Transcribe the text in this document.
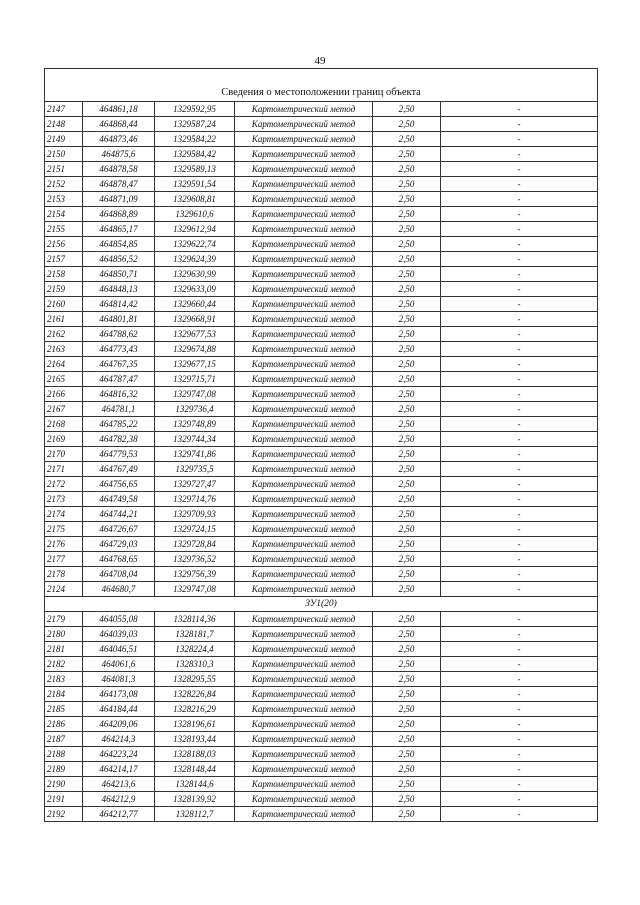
49
Сведения о местоположении границ объекта					
2147	464861,18	1329592,95	Картометрический метод	2,50	-
2148	464868,44	1329587,24	Картометрический метод	2,50	-
2149	464873,46	1329584,22	Картометрический метод	2,50	-
2150	464875,6	1329584,42	Картометрический метод	2,50	-
2151	464878,58	1329589,13	Картометрический метод	2,50	-
2152	464878,47	1329591,54	Картометрический метод	2,50	-
2153	464871,09	1329608,81	Картометрический метод	2,50	-
2154	464868,89	1329610,6	Картометрический метод	2,50	-
2155	464865,17	1329612,94	Картометрический метод	2,50	-
2156	464854,85	1329622,74	Картометрический метод	2,50	-
2157	464856,52	1329624,39	Картометрический метод	2,50	-
2158	464850,71	1329630,99	Картометрический метод	2,50	-
2159	464848,13	1329633,09	Картометрический метод	2,50	-
2160	464814,42	1329660,44	Картометрический метод	2,50	-
2161	464801,81	1329668,91	Картометрический метод	2,50	-
2162	464788,62	1329677,53	Картометрический метод	2,50	-
2163	464773,43	1329674,88	Картометрический метод	2,50	-
2164	464767,35	1329677,15	Картометрический метод	2,50	-
2165	464787,47	1329715,71	Картометрический метод	2,50	-
2166	464816,32	1329747,08	Картометрический метод	2,50	-
2167	464781,1	1329736,4	Картометрический метод	2,50	-
2168	464785,22	1329748,89	Картометрический метод	2,50	-
2169	464782,38	1329744,34	Картометрический метод	2,50	-
2170	464779,53	1329741,86	Картометрический метод	2,50	-
2171	464767,49	1329735,5	Картометрический метод	2,50	-
2172	464756,65	1329727,47	Картометрический метод	2,50	-
2173	464749,58	1329714,76	Картометрический метод	2,50	-
2174	464744,21	1329709,93	Картометрический метод	2,50	-
2175	464726,67	1329724,15	Картометрический метод	2,50	-
2176	464729,03	1329728,84	Картометрический метод	2,50	-
2177	464768,65	1329736,52	Картометрический метод	2,50	-
2178	464708,04	1329756,39	Картометрический метод	2,50	-
2124	464680,7	1329747,08	Картометрический метод	2,50	-
ЗУ1(20)					
2179	464055,08	1328114,36	Картометрический метод	2,50	-
2180	464039,03	1328181,7	Картометрический метод	2,50	-
2181	464046,51	1328224,4	Картометрический метод	2,50	-
2182	464061,6	1328310,3	Картометрический метод	2,50	-
2183	464081,3	1328295,55	Картометрический метод	2,50	-
2184	464173,08	1328226,84	Картометрический метод	2,50	-
2185	464184,44	1328216,29	Картометрический метод	2,50	-
2186	464209,06	1328196,61	Картометрический метод	2,50	-
2187	464214,3	1328193,44	Картометрический метод	2,50	-
2188	464223,24	1328188,03	Картометрический метод	2,50	-
2189	464214,17	1328148,44	Картометрический метод	2,50	-
2190	464213,6	1328144,6	Картометрический метод	2,50	-
2191	464212,9	1328139,92	Картометрический метод	2,50	-
2192	464212,77	1328112,7	Картометрический метод	2,50	-
